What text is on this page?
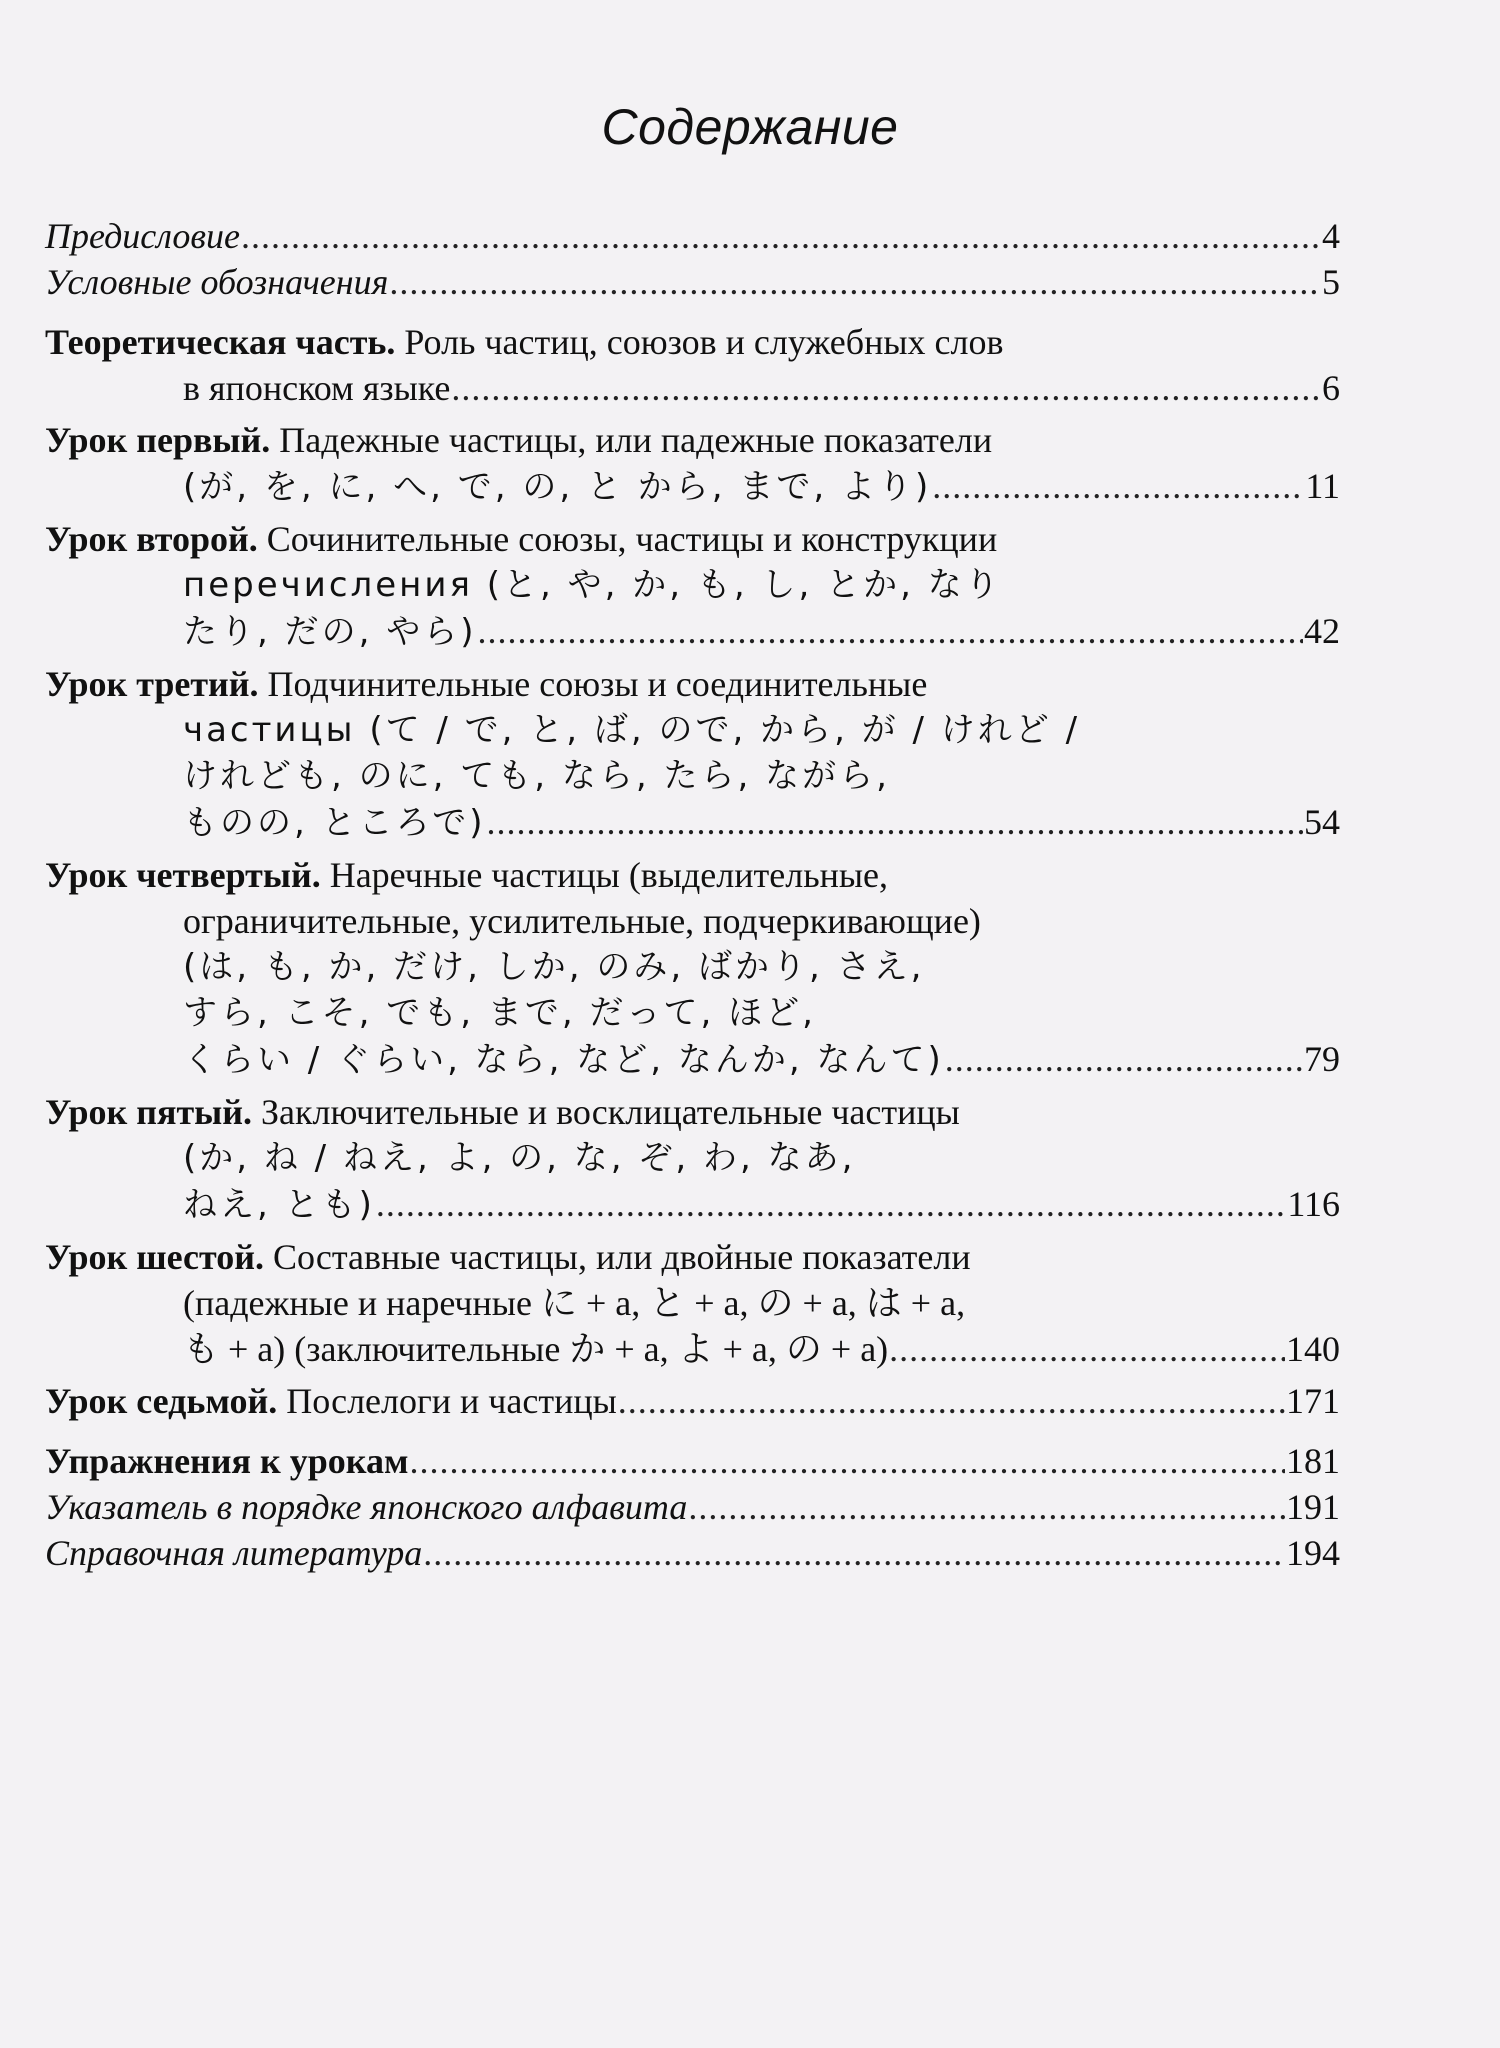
Содержание
Предисловие .....	4
Условные обозначения .....	5
Теоретическая часть. Роль частиц, союзов и служебных слов
в японском языке .....	6
Урок первый. Падежные частицы, или падежные показатели
(が, を, に, へ, で, の, と から, まで, より) .....	11
Урок второй. Сочинительные союзы, частицы и конструкции
перечисления (と, や, か, も, し, とか, なり
たり, だの, やら) .....	42
Урок третий. Подчинительные союзы и соединительные
частицы (て / で, と, ば, ので, から, が / けれど /
けれども, のに, ても, なら, たら, ながら,
ものの, ところで) .....	54
Урок четвертый. Наречные частицы (выделительные,
ограничительные, усилительные, подчеркивающие)
(は, も, か, だけ, しか, のみ, ばかり, さえ,
すら, こそ, でも, まで, だって, ほど,
くらい / ぐらい, なら, など, なんか, なんて) .....	79
Урок пятый. Заключительные и восклицательные частицы
(か, ね / ねえ, よ, の, な, ぞ, わ, なあ,
ねえ, とも) .....	116
Урок шестой. Составные частицы, или двойные показатели
(падежные и наречные に + а, と + а, の + а, は + а,
も + а) (заключительные か + а, よ + а, の + а) .....	140
Урок седьмой. Послелоги и частицы .....	171
Упражнения к урокам .....	181
Указатель в порядке японского алфавита .....	191
Справочная литература .....	194
